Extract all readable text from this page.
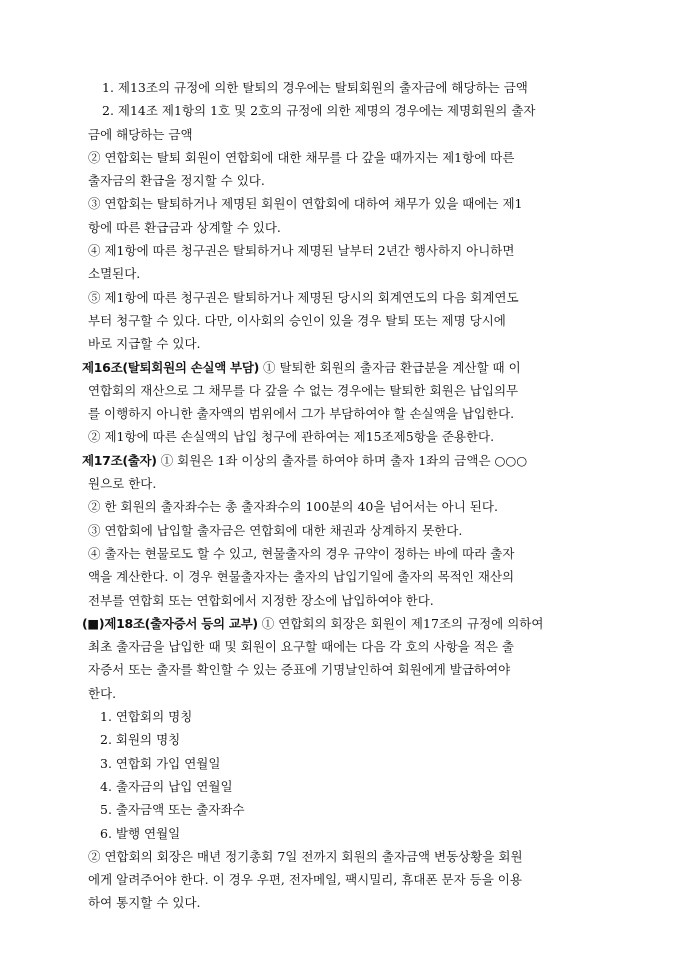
1. 제13조의 규정에 의한 탈퇴의 경우에는 탈퇴회원의 출자금에 해당하는 금액
2. 제14조 제1항의 1호 및 2호의 규정에 의한 제명의 경우에는 제명회원의 출자
금에 해당하는 금액
② 연합회는 탈퇴 회원이 연합회에 대한 채무를 다 갚을 때까지는 제1항에 따른
출자금의 환급을 정지할 수 있다.
③ 연합회는 탈퇴하거나 제명된 회원이 연합회에 대하여 채무가 있을 때에는 제1
항에 따른 환급금과 상계할 수 있다.
④ 제1항에 따른 청구권은 탈퇴하거나 제명된 날부터 2년간 행사하지 아니하면
소멸된다.
⑤ 제1항에 따른 청구권은 탈퇴하거나 제명된 당시의 회계연도의 다음 회계연도
부터 청구할 수 있다. 다만, 이사회의 승인이 있을 경우 탈퇴 또는 제명 당시에
바로 지급할 수 있다.
제16조(탈퇴회원의 손실액 부담) ① 탈퇴한 회원의 출자금 환급분을 계산할 때 이
연합회의 재산으로 그 채무를 다 갚을 수 없는 경우에는 탈퇴한 회원은 납입의무
를 이행하지 아니한 출자액의 범위에서 그가 부담하여야 할 손실액을 납입한다.
② 제1항에 따른 손실액의 납입 청구에 관하여는 제15조제5항을 준용한다.
제17조(출자) ① 회원은 1좌 이상의 출자를 하여야 하며 출자 1좌의 금액은 ○○○
원으로 한다.
② 한 회원의 출자좌수는 총 출자좌수의 100분의 40을 넘어서는 아니 된다.
③ 연합회에 납입할 출자금은 연합회에 대한 채권과 상계하지 못한다.
④ 출자는 현물로도 할 수 있고, 현물출자의 경우 규약이 정하는 바에 따라 출자
액을 계산한다. 이 경우 현물출자자는 출자의 납입기일에 출자의 목적인 재산의
전부를 연합회 또는 연합회에서 지정한 장소에 납입하여야 한다.
(■)제18조(출자증서 등의 교부) ① 연합회의 회장은 회원이 제17조의 규정에 의하여
최초 출자금을 납입한 때 및 회원이 요구할 때에는 다음 각 호의 사항을 적은 출
자증서 또는 출자를 확인할 수 있는 증표에 기명날인하여 회원에게 발급하여야
한다.
1. 연합회의 명칭
2. 회원의 명칭
3. 연합회 가입 연월일
4. 출자금의 납입 연월일
5. 출자금액 또는 출자좌수
6. 발행 연월일
② 연합회의 회장은 매년 정기총회 7일 전까지 회원의 출자금액 변동상황을 회원
에게 알려주어야 한다. 이 경우 우편, 전자메일, 팩시밀리, 휴대폰 문자 등을 이용
하여 통지할 수 있다.
